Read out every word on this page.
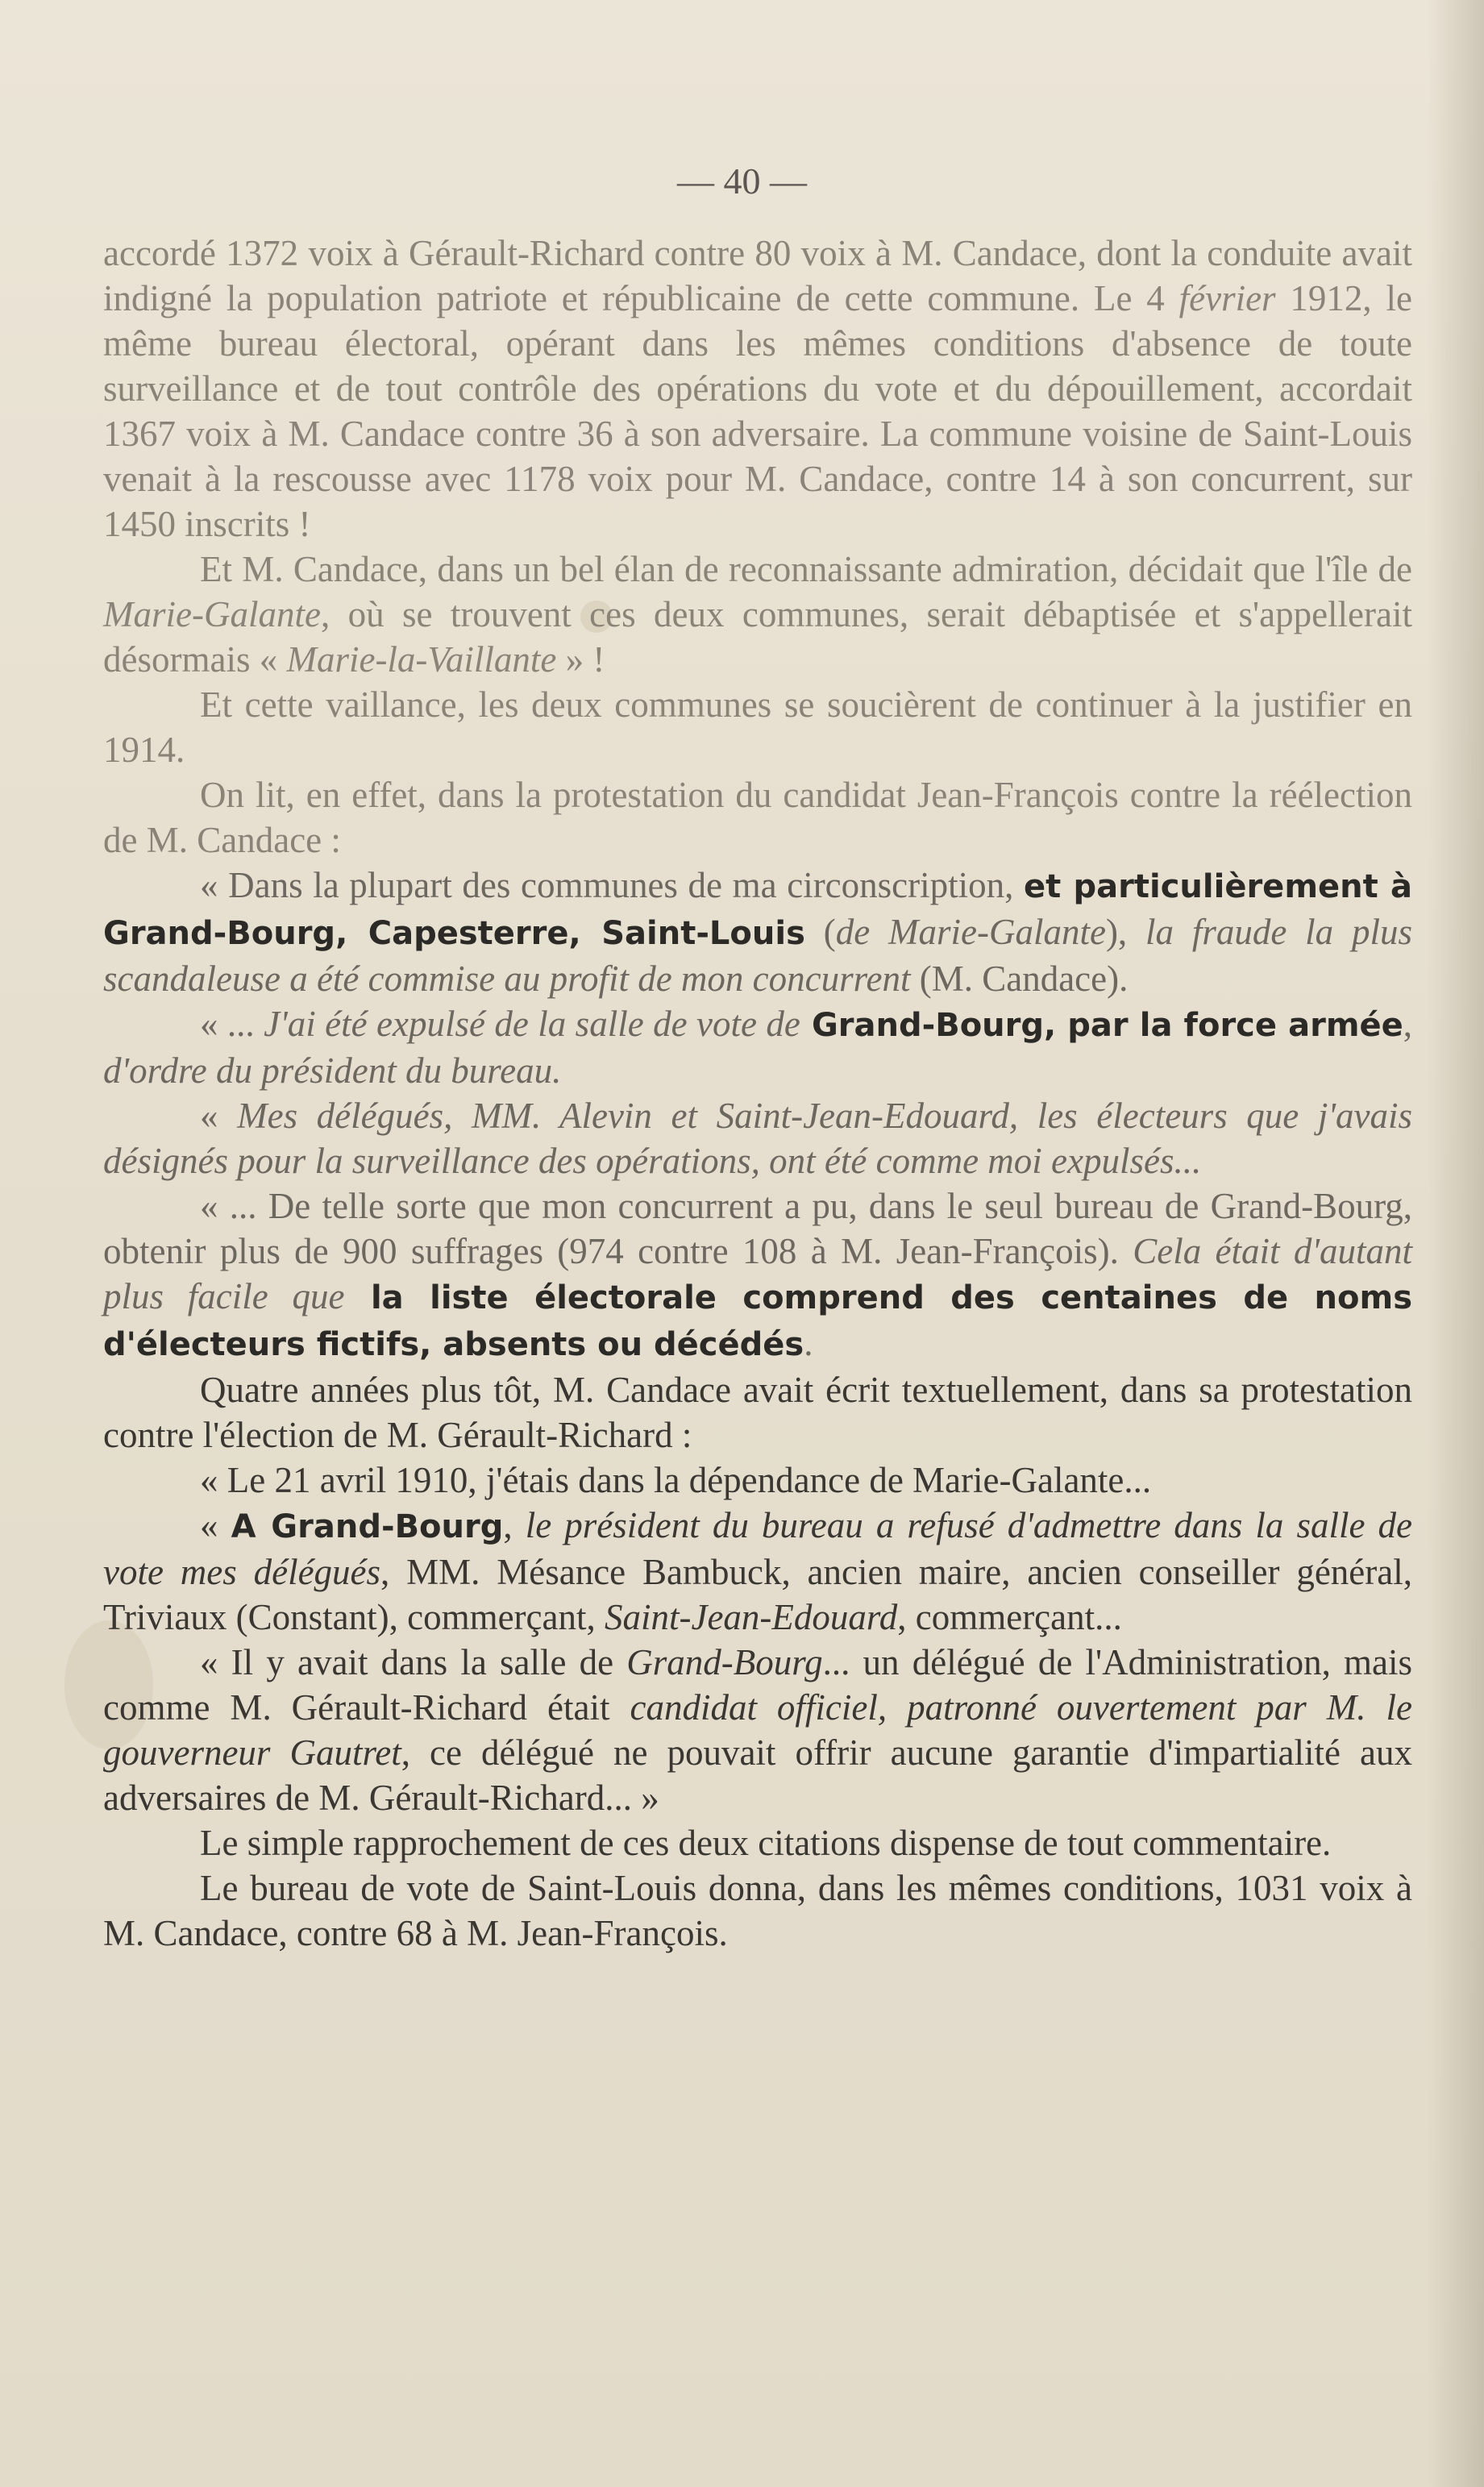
— 40 —

accordé 1372 voix à Gérault-Richard contre 80 voix à M. Candace, dont la conduite avait indigné la population patriote et républicaine de cette commune. Le 4 février 1912, le même bureau électoral, opérant dans les mêmes conditions d'absence de toute surveillance et de tout contrôle des opérations du vote et du dépouillement, accordait 1367 voix à M. Candace contre 36 à son adversaire. La commune voisine de Saint-Louis venait à la rescousse avec 1178 voix pour M. Candace, contre 14 à son concurrent, sur 1450 inscrits !

Et M. Candace, dans un bel élan de reconnaissante admiration, décidait que l'île de Marie-Galante, où se trouvent ces deux communes, serait débaptisée et s'appellerait désormais « Marie-la-Vaillante » !

Et cette vaillance, les deux communes se soucièrent de continuer à la justifier en 1914.

On lit, en effet, dans la protestation du candidat Jean-François contre la réélection de M. Candace :

« Dans la plupart des communes de ma circonscription, et particulièrement à Grand-Bourg, Capesterre, Saint-Louis (de Marie-Galante), la fraude la plus scandaleuse a été commise au profit de mon concurrent (M. Candace).

« ... J'ai été expulsé de la salle de vote de Grand-Bourg, par la force armée, d'ordre du président du bureau.

« Mes délégués, MM. Alevin et Saint-Jean-Edouard, les électeurs que j'avais désignés pour la surveillance des opérations, ont été comme moi expulsés...

« ... De telle sorte que mon concurrent a pu, dans le seul bureau de Grand-Bourg, obtenir plus de 900 suffrages (974 contre 108 à M. Jean-François). Cela était d'autant plus facile que la liste électorale comprend des centaines de noms d'électeurs fictifs, absents ou décédés.

Quatre années plus tôt, M. Candace avait écrit textuellement, dans sa protestation contre l'élection de M. Gérault-Richard :

« Le 21 avril 1910, j'étais dans la dépendance de Marie-Galante...

« A Grand-Bourg, le président du bureau a refusé d'admettre dans la salle de vote mes délégués, MM. Mésance Bambuck, ancien maire, ancien conseiller général, Triviaux (Constant), commerçant, Saint-Jean-Edouard, commerçant...

« Il y avait dans la salle de Grand-Bourg... un délégué de l'Administration, mais comme M. Gérault-Richard était candidat officiel, patronné ouvertement par M. le gouverneur Gautret, ce délégué ne pouvait offrir aucune garantie d'impartialité aux adversaires de M. Gérault-Richard... »

Le simple rapprochement de ces deux citations dispense de tout commentaire.

Le bureau de vote de Saint-Louis donna, dans les mêmes conditions, 1031 voix à M. Candace, contre 68 à M. Jean-François.
